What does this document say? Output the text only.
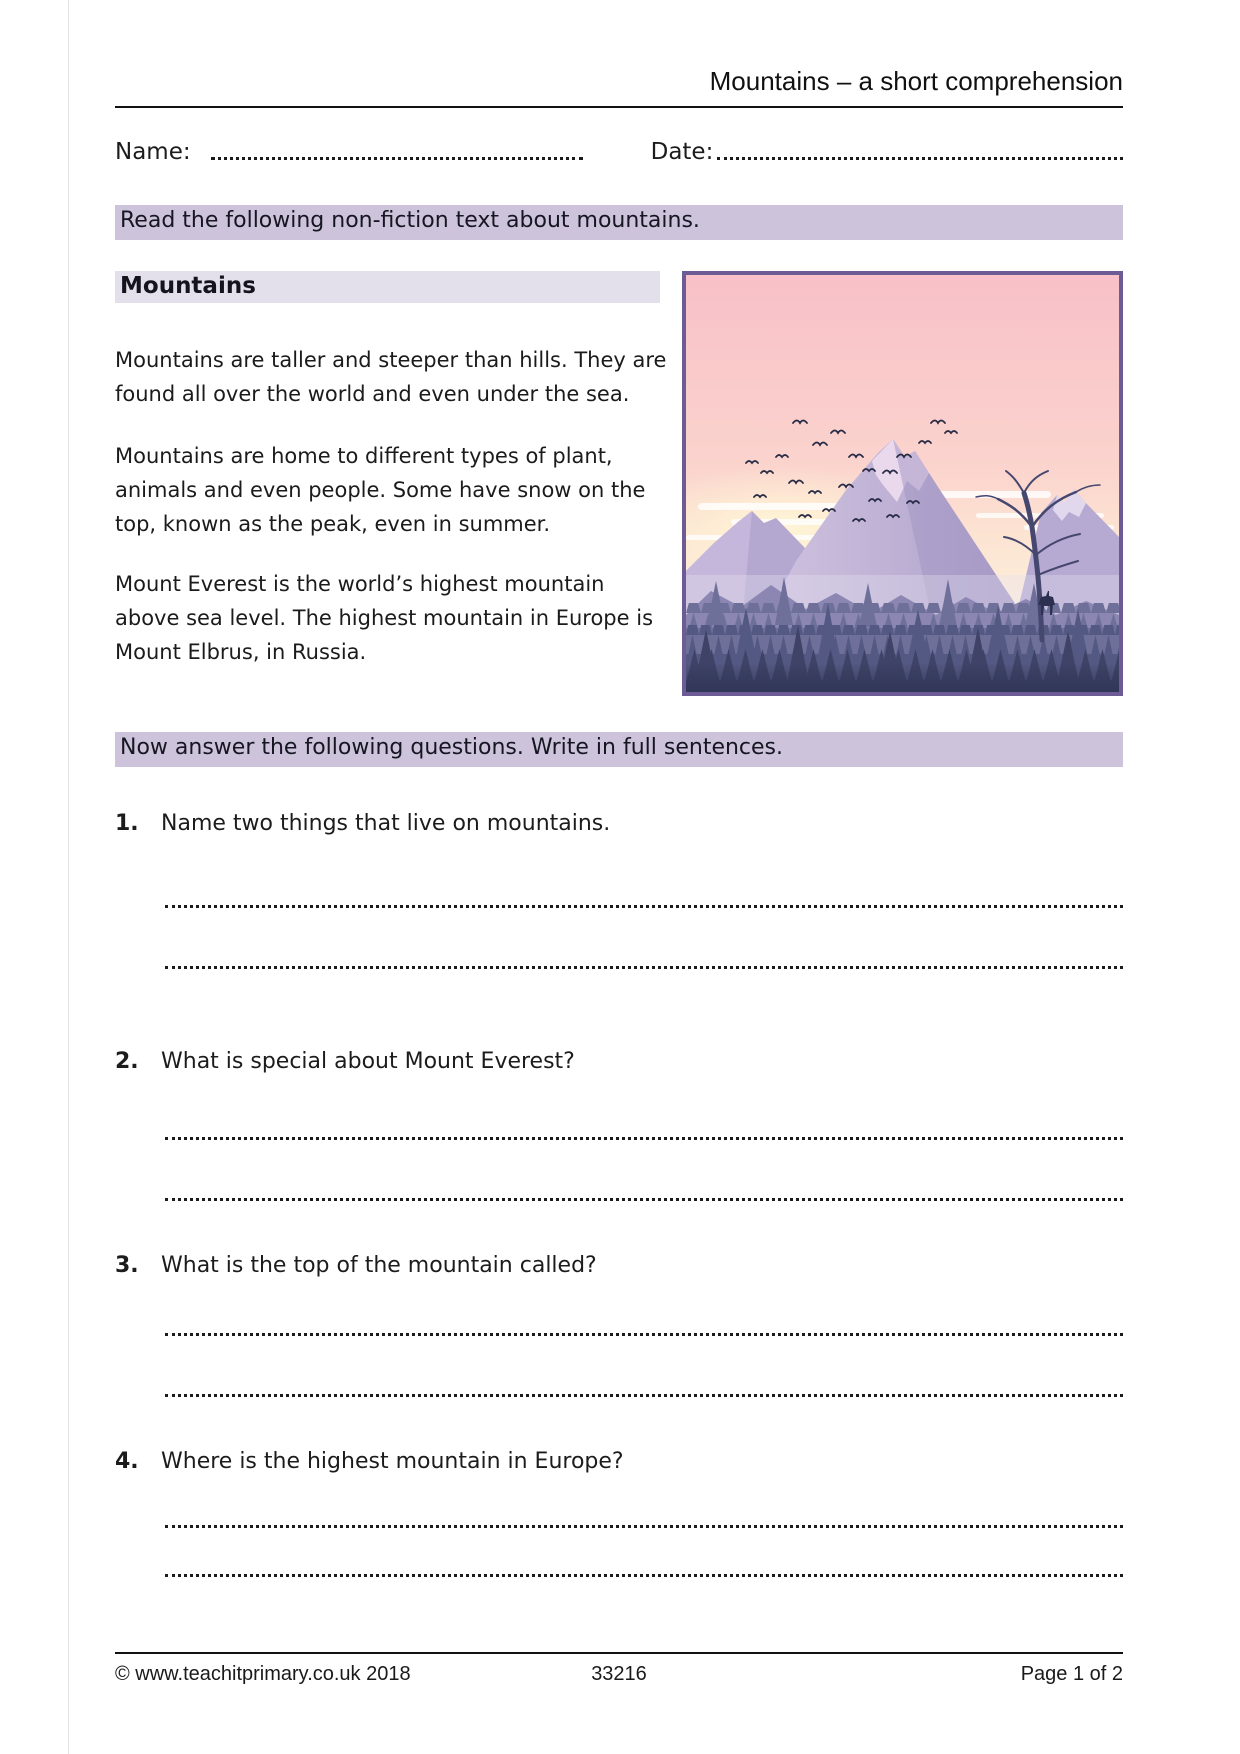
Mountains – a short comprehension
Name:	Date:
Read the following non-fiction text about mountains.
Mountains

Mountains are taller and steeper than hills. They are found all over the world and even under the sea.

Mountains are home to different types of plant, animals and even people. Some have snow on the top, known as the peak, even in summer.

Mount Everest is the world’s highest mountain above sea level. The highest mountain in Europe is Mount Elbrus, in Russia.

Now answer the following questions. Write in full sentences.
1.	Name two things that live on mountains.
2.	What is special about Mount Everest?
3.	What is the top of the mountain called?
4.	Where is the highest mountain in Europe?
© www.teachitprimary.co.uk 2018	33216	Page 1 of 2
